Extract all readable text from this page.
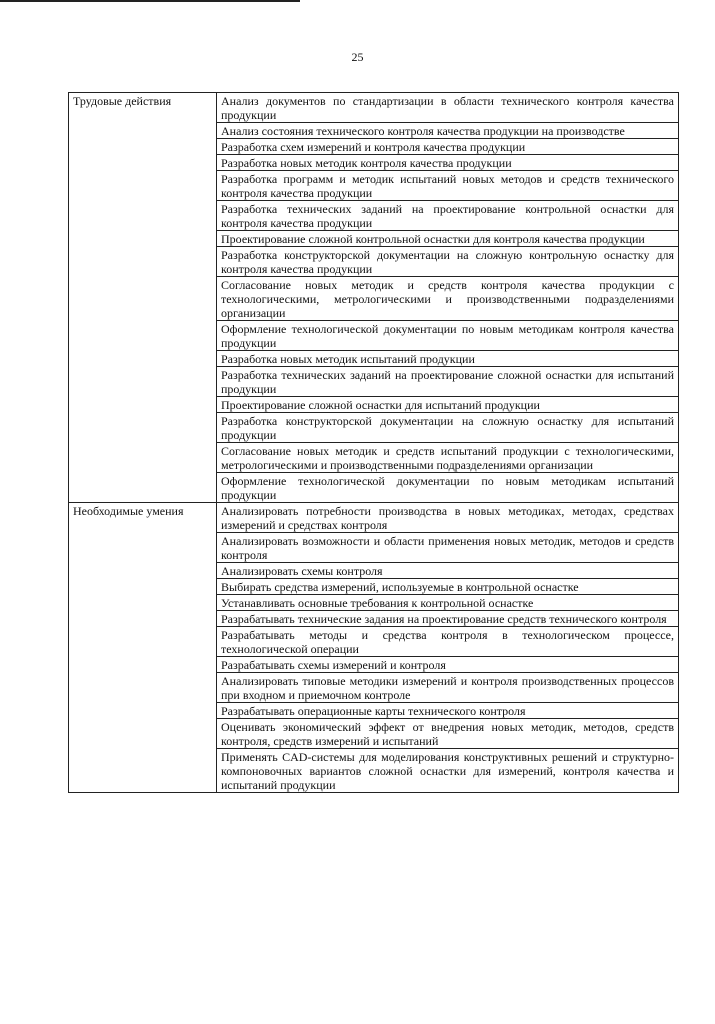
25
Трудовые действия	Анализ документов по стандартизации в области технического контроля качества продукции
	Анализ состояния технического контроля качества продукции на производстве
	Разработка схем измерений и контроля качества продукции
	Разработка новых методик контроля качества продукции
	Разработка программ и методик испытаний новых методов и средств технического контроля качества продукции
	Разработка технических заданий на проектирование контрольной оснастки для контроля качества продукции
	Проектирование сложной контрольной оснастки для контроля качества продукции
	Разработка конструкторской документации на сложную контрольную оснастку для контроля качества продукции
	Согласование новых методик и средств контроля качества продукции с технологическими, метрологическими и производственными подразделениями организации
	Оформление технологической документации по новым методикам контроля качества продукции
	Разработка новых методик испытаний продукции
	Разработка технических заданий на проектирование сложной оснастки для испытаний продукции
	Проектирование сложной оснастки для испытаний продукции
	Разработка конструкторской документации на сложную оснастку для испытаний продукции
	Согласование новых методик и средств испытаний продукции с технологическими, метрологическими и производственными подразделениями организации
	Оформление технологической документации по новым методикам испытаний продукции

Необходимые умения	Анализировать потребности производства в новых методиках, методах, средствах измерений и средствах контроля
	Анализировать возможности и области применения новых методик, методов и средств контроля
	Анализировать схемы контроля
	Выбирать средства измерений, используемые в контрольной оснастке
	Устанавливать основные требования к контрольной оснастке
	Разрабатывать технические задания на проектирование средств технического контроля
	Разрабатывать методы и средства контроля в технологическом процессе, технологической операции
	Разрабатывать схемы измерений и контроля
	Анализировать типовые методики измерений и контроля производственных процессов при входном и приемочном контроле
	Разрабатывать операционные карты технического контроля
	Оценивать экономический эффект от внедрения новых методик, методов, средств контроля, средств измерений и испытаний
	Применять CAD-системы для моделирования конструктивных решений и структурно-компоновочных вариантов сложной оснастки для измерений, контроля качества и испытаний продукции
